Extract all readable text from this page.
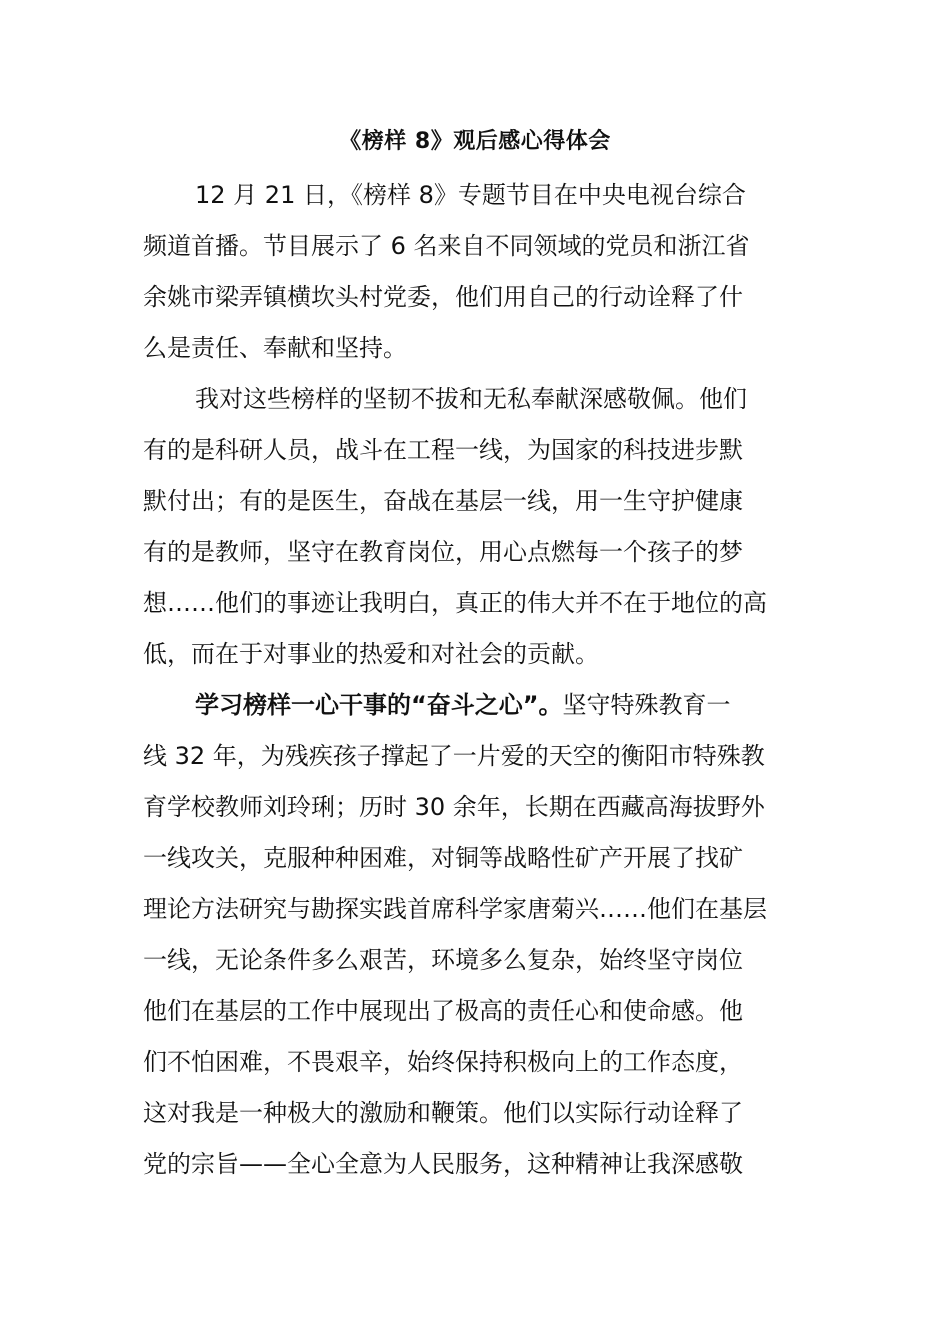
《榜样 8》观后感心得体会
12 月 21 日，《榜样 8》专题节目在中央电视台综合
频道首播。节目展示了 6 名来自不同领域的党员和浙江省
余姚市梁弄镇横坎头村党委，他们用自己的行动诠释了什
么是责任、奉献和坚持。
我对这些榜样的坚韧不拔和无私奉献深感敬佩。他们
有的是科研人员，战斗在工程一线，为国家的科技进步默
默付出；有的是医生，奋战在基层一线，用一生守护健康
有的是教师，坚守在教育岗位，用心点燃每一个孩子的梦
想……他们的事迹让我明白，真正的伟大并不在于地位的高
低，而在于对事业的热爱和对社会的贡献。
学习榜样一心干事的“奋斗之心”。坚守特殊教育一
线 32 年，为残疾孩子撑起了一片爱的天空的衡阳市特殊教
育学校教师刘玲琍；历时 30 余年，长期在西藏高海拔野外
一线攻关，克服种种困难，对铜等战略性矿产开展了找矿
理论方法研究与勘探实践首席科学家唐菊兴……他们在基层
一线，无论条件多么艰苦，环境多么复杂，始终坚守岗位
他们在基层的工作中展现出了极高的责任心和使命感。他
们不怕困难，不畏艰辛，始终保持积极向上的工作态度，
这对我是一种极大的激励和鞭策。他们以实际行动诠释了
党的宗旨——全心全意为人民服务，这种精神让我深感敬
